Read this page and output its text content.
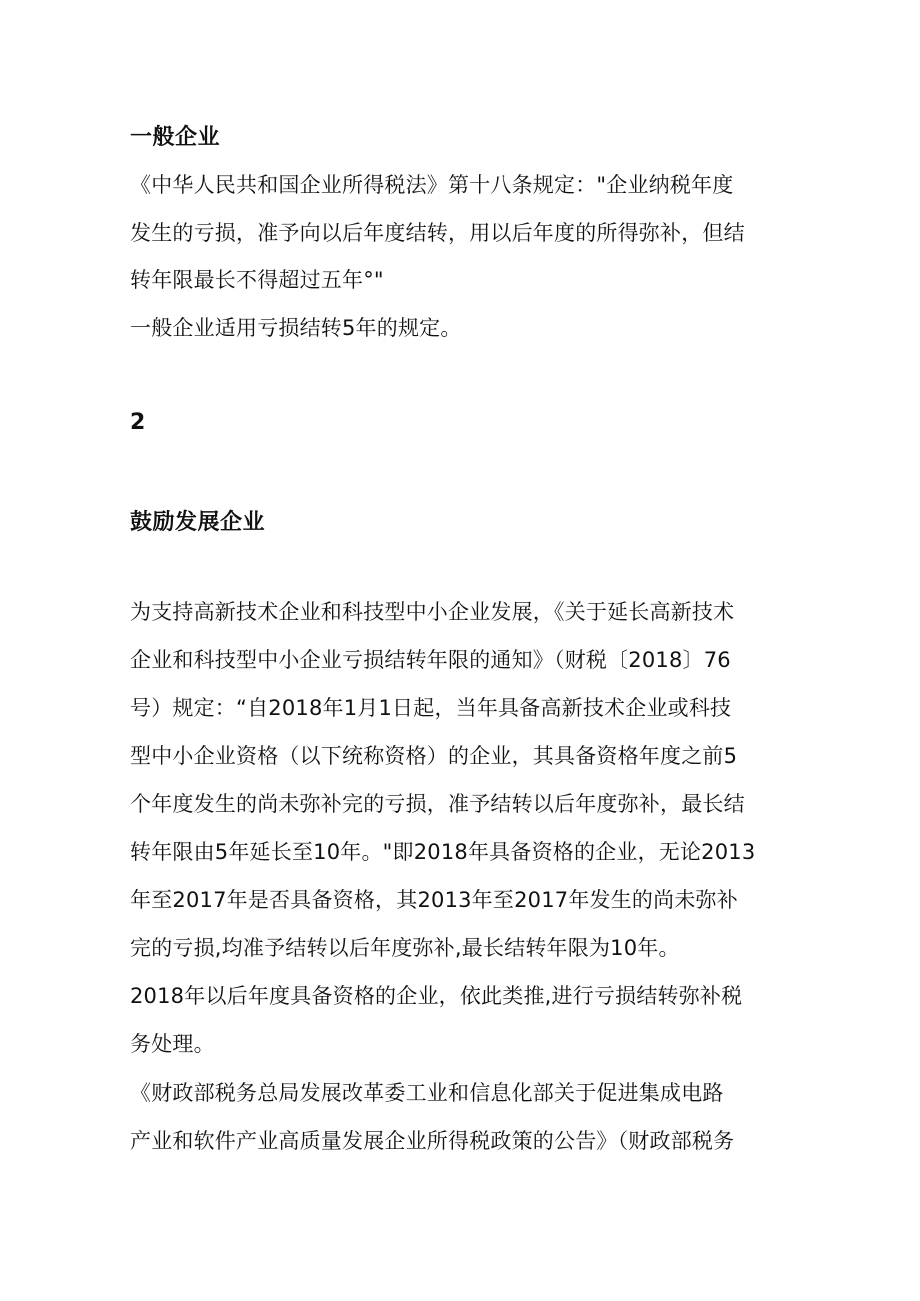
一般企业
《中华人民共和国企业所得税法》第十八条规定："企业纳税年度
发生的亏损，准予向以后年度结转，用以后年度的所得弥补，但结
转年限最长不得超过五年°"
一般企业适用亏损结转5年的规定。
2
鼓励发展企业
为支持高新技术企业和科技型中小企业发展，《关于延长高新技术
企业和科技型中小企业亏损结转年限的通知》（财税〔2018〕76
号）规定：“自2018年1月1日起，当年具备高新技术企业或科技
型中小企业资格（以下统称资格）的企业，其具备资格年度之前5
个年度发生的尚未弥补完的亏损，准予结转以后年度弥补，最长结
转年限由5年延长至10年。"即2018年具备资格的企业，无论2013
年至2017年是否具备资格，其2013年至2017年发生的尚未弥补
完的亏损,均准予结转以后年度弥补,最长结转年限为10年。
2018年以后年度具备资格的企业，依此类推,进行亏损结转弥补税
务处理。
《财政部税务总局发展改革委工业和信息化部关于促进集成电路
产业和软件产业高质量发展企业所得税政策的公告》（财政部税务
